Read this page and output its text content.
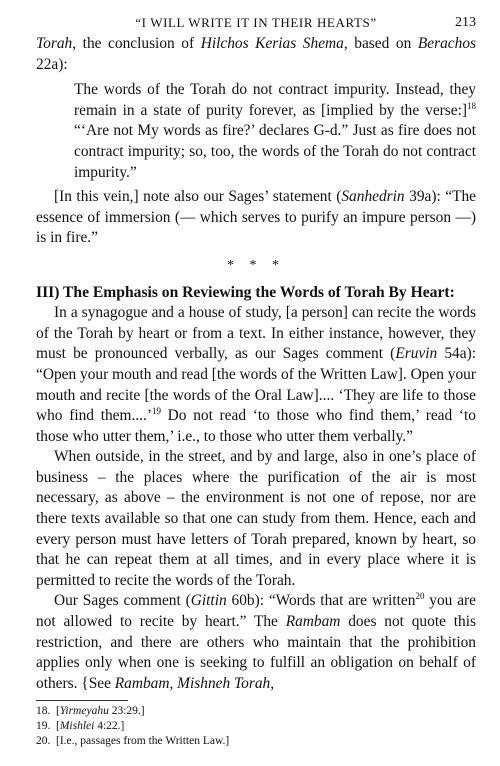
“I WILL WRITE IT IN THEIR HEARTS”	213

Torah, the conclusion of Hilchos Kerias Shema, based on Berachos 22a):

The words of the Torah do not contract impurity. Instead, they remain in a state of purity forever, as [implied by the verse:]$^{18}$ “‘Are not My words as fire?’ declares G-d.” Just as fire does not contract impurity; so, too, the words of the Torah do not contract impurity.”

[In this vein,] note also our Sages’ statement (Sanhedrin 39a): “The essence of immersion (— which serves to purify an impure person —) is in fire.”

* * *

III) The Emphasis on Reviewing the Words of Torah By Heart:

In a synagogue and a house of study, [a person] can recite the words of the Torah by heart or from a text. In either instance, however, they must be pronounced verbally, as our Sages comment (Eruvin 54a): “Open your mouth and read [the words of the Written Law]. Open your mouth and recite [the words of the Oral Law].... ‘They are life to those who find them....’$^{19}$ Do not read ‘to those who find them,’ read ‘to those who utter them,’ i.e., to those who utter them verbally.”

When outside, in the street, and by and large, also in one’s place of business – the places where the purification of the air is most necessary, as above – the environment is not one of repose, nor are there texts available so that one can study from them. Hence, each and every person must have letters of Torah prepared, known by heart, so that he can repeat them at all times, and in every place where it is permitted to recite the words of the Torah.

Our Sages comment (Gittin 60b): “Words that are written$^{20}$ you are not allowed to recite by heart.” The Rambam does not quote this restriction, and there are others who maintain that the prohibition applies only when one is seeking to fulfill an obligation on behalf of others. {See Rambam, Mishneh Torah,

18. [Yirmeyahu 23:29.]
19. [Mishlei 4:22.]
20. [I.e., passages from the Written Law.]
